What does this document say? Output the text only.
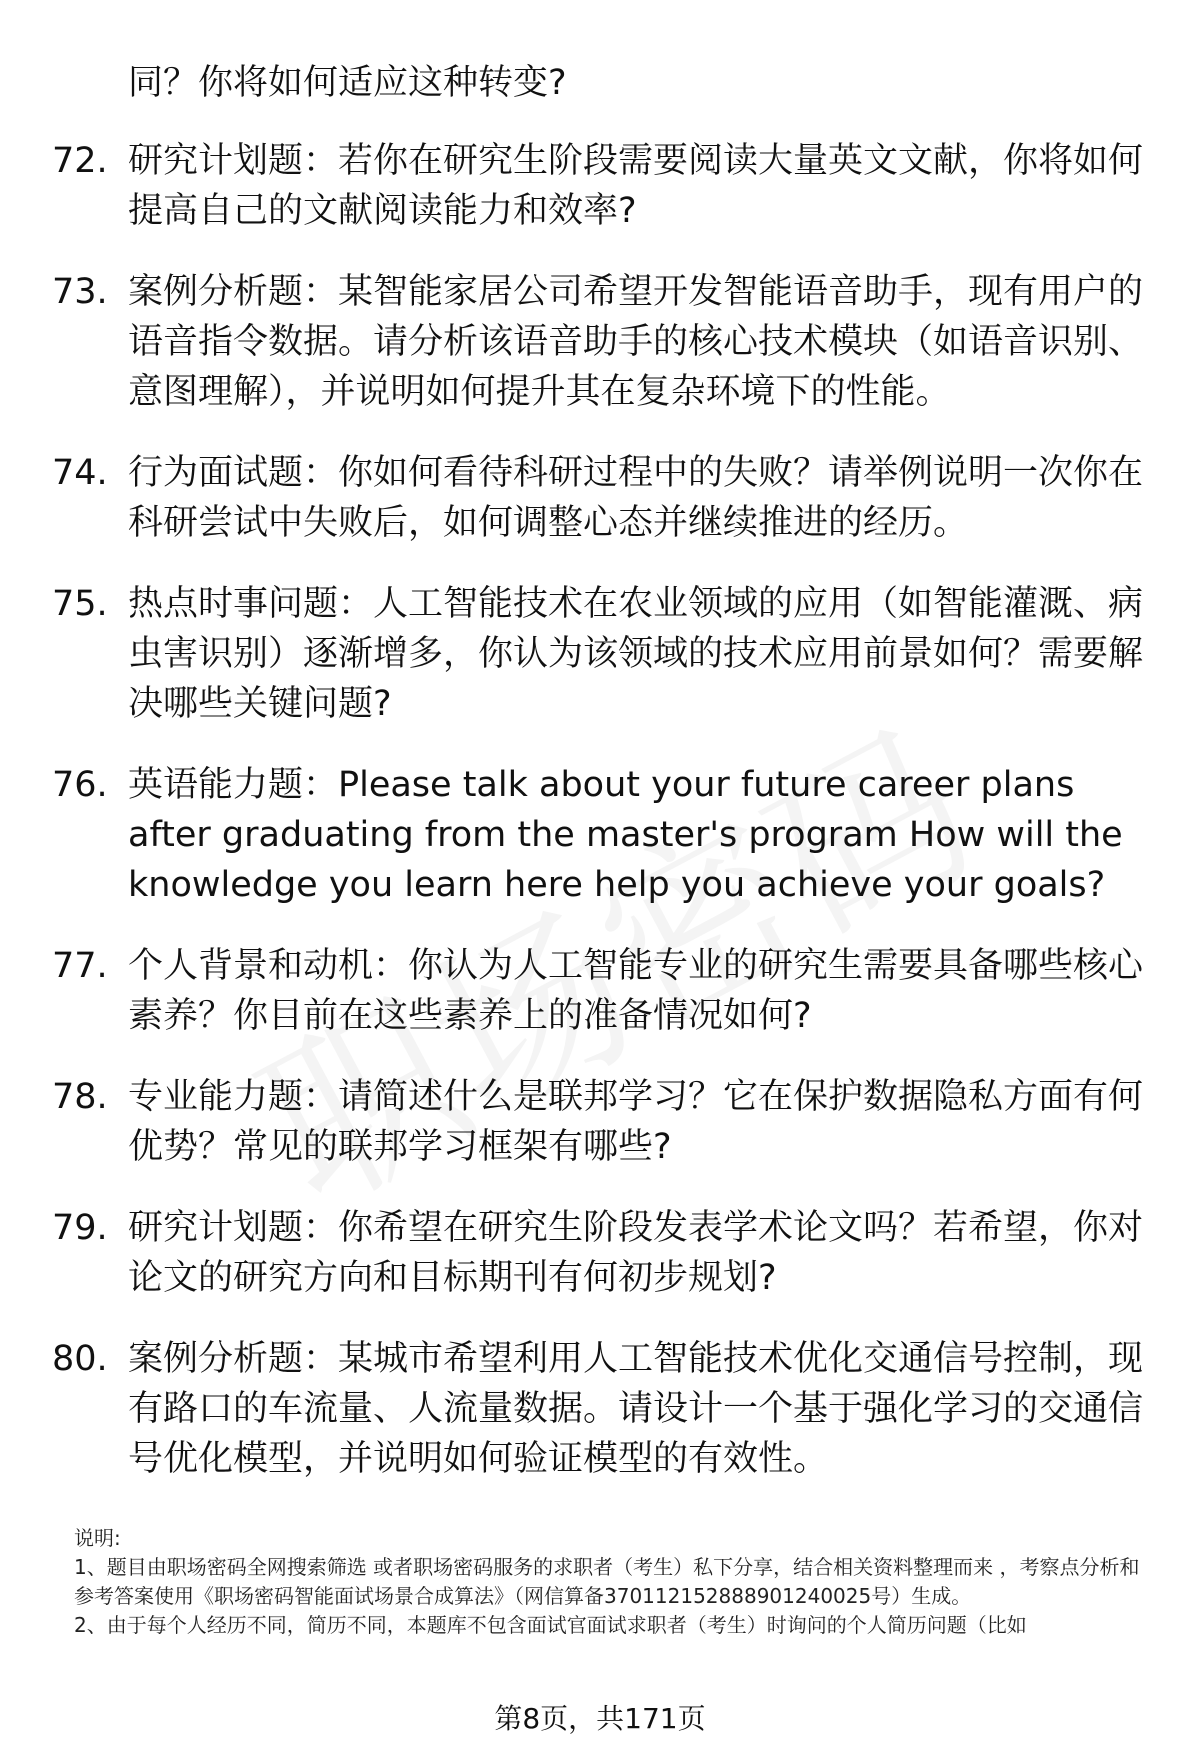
同？你将如何适应这种转变?
72. 研究计划题：若你在研究生阶段需要阅读大量英文文献，你将如何提高自己的文献阅读能力和效率?
73. 案例分析题：某智能家居公司希望开发智能语音助手，现有用户的语音指令数据。请分析该语音助手的核心技术模块（如语音识别、意图理解），并说明如何提升其在复杂环境下的性能。
74. 行为面试题：你如何看待科研过程中的失败？请举例说明一次你在科研尝试中失败后，如何调整心态并继续推进的经历。
75. 热点时事问题：人工智能技术在农业领域的应用（如智能灌溉、病虫害识别）逐渐增多，你认为该领域的技术应用前景如何？需要解决哪些关键问题?
76. 英语能力题：Please talk about your future career plans after graduating from the master's program How will the knowledge you learn here help you achieve your goals?
77. 个人背景和动机：你认为人工智能专业的研究生需要具备哪些核心素养？你目前在这些素养上的准备情况如何?
78. 专业能力题：请简述什么是联邦学习？它在保护数据隐私方面有何优势？常见的联邦学习框架有哪些?
79. 研究计划题：你希望在研究生阶段发表学术论文吗？若希望，你对论文的研究方向和目标期刊有何初步规划?
80. 案例分析题：某城市希望利用人工智能技术优化交通信号控制，现有路口的车流量、人流量数据。请设计一个基于强化学习的交通信号优化模型，并说明如何验证模型的有效性。
说明:
1、题目由职场密码全网搜索筛选 或者职场密码服务的求职者（考生）私下分享，结合相关资料整理而来 ，考察点分析和参考答案使用《职场密码智能面试场景合成算法》（网信算备370112152888901240025号）生成。
2、由于每个人经历不同，简历不同，本题库不包含面试官面试求职者（考生）时询问的个人简历问题（比如
第8页，共171页
